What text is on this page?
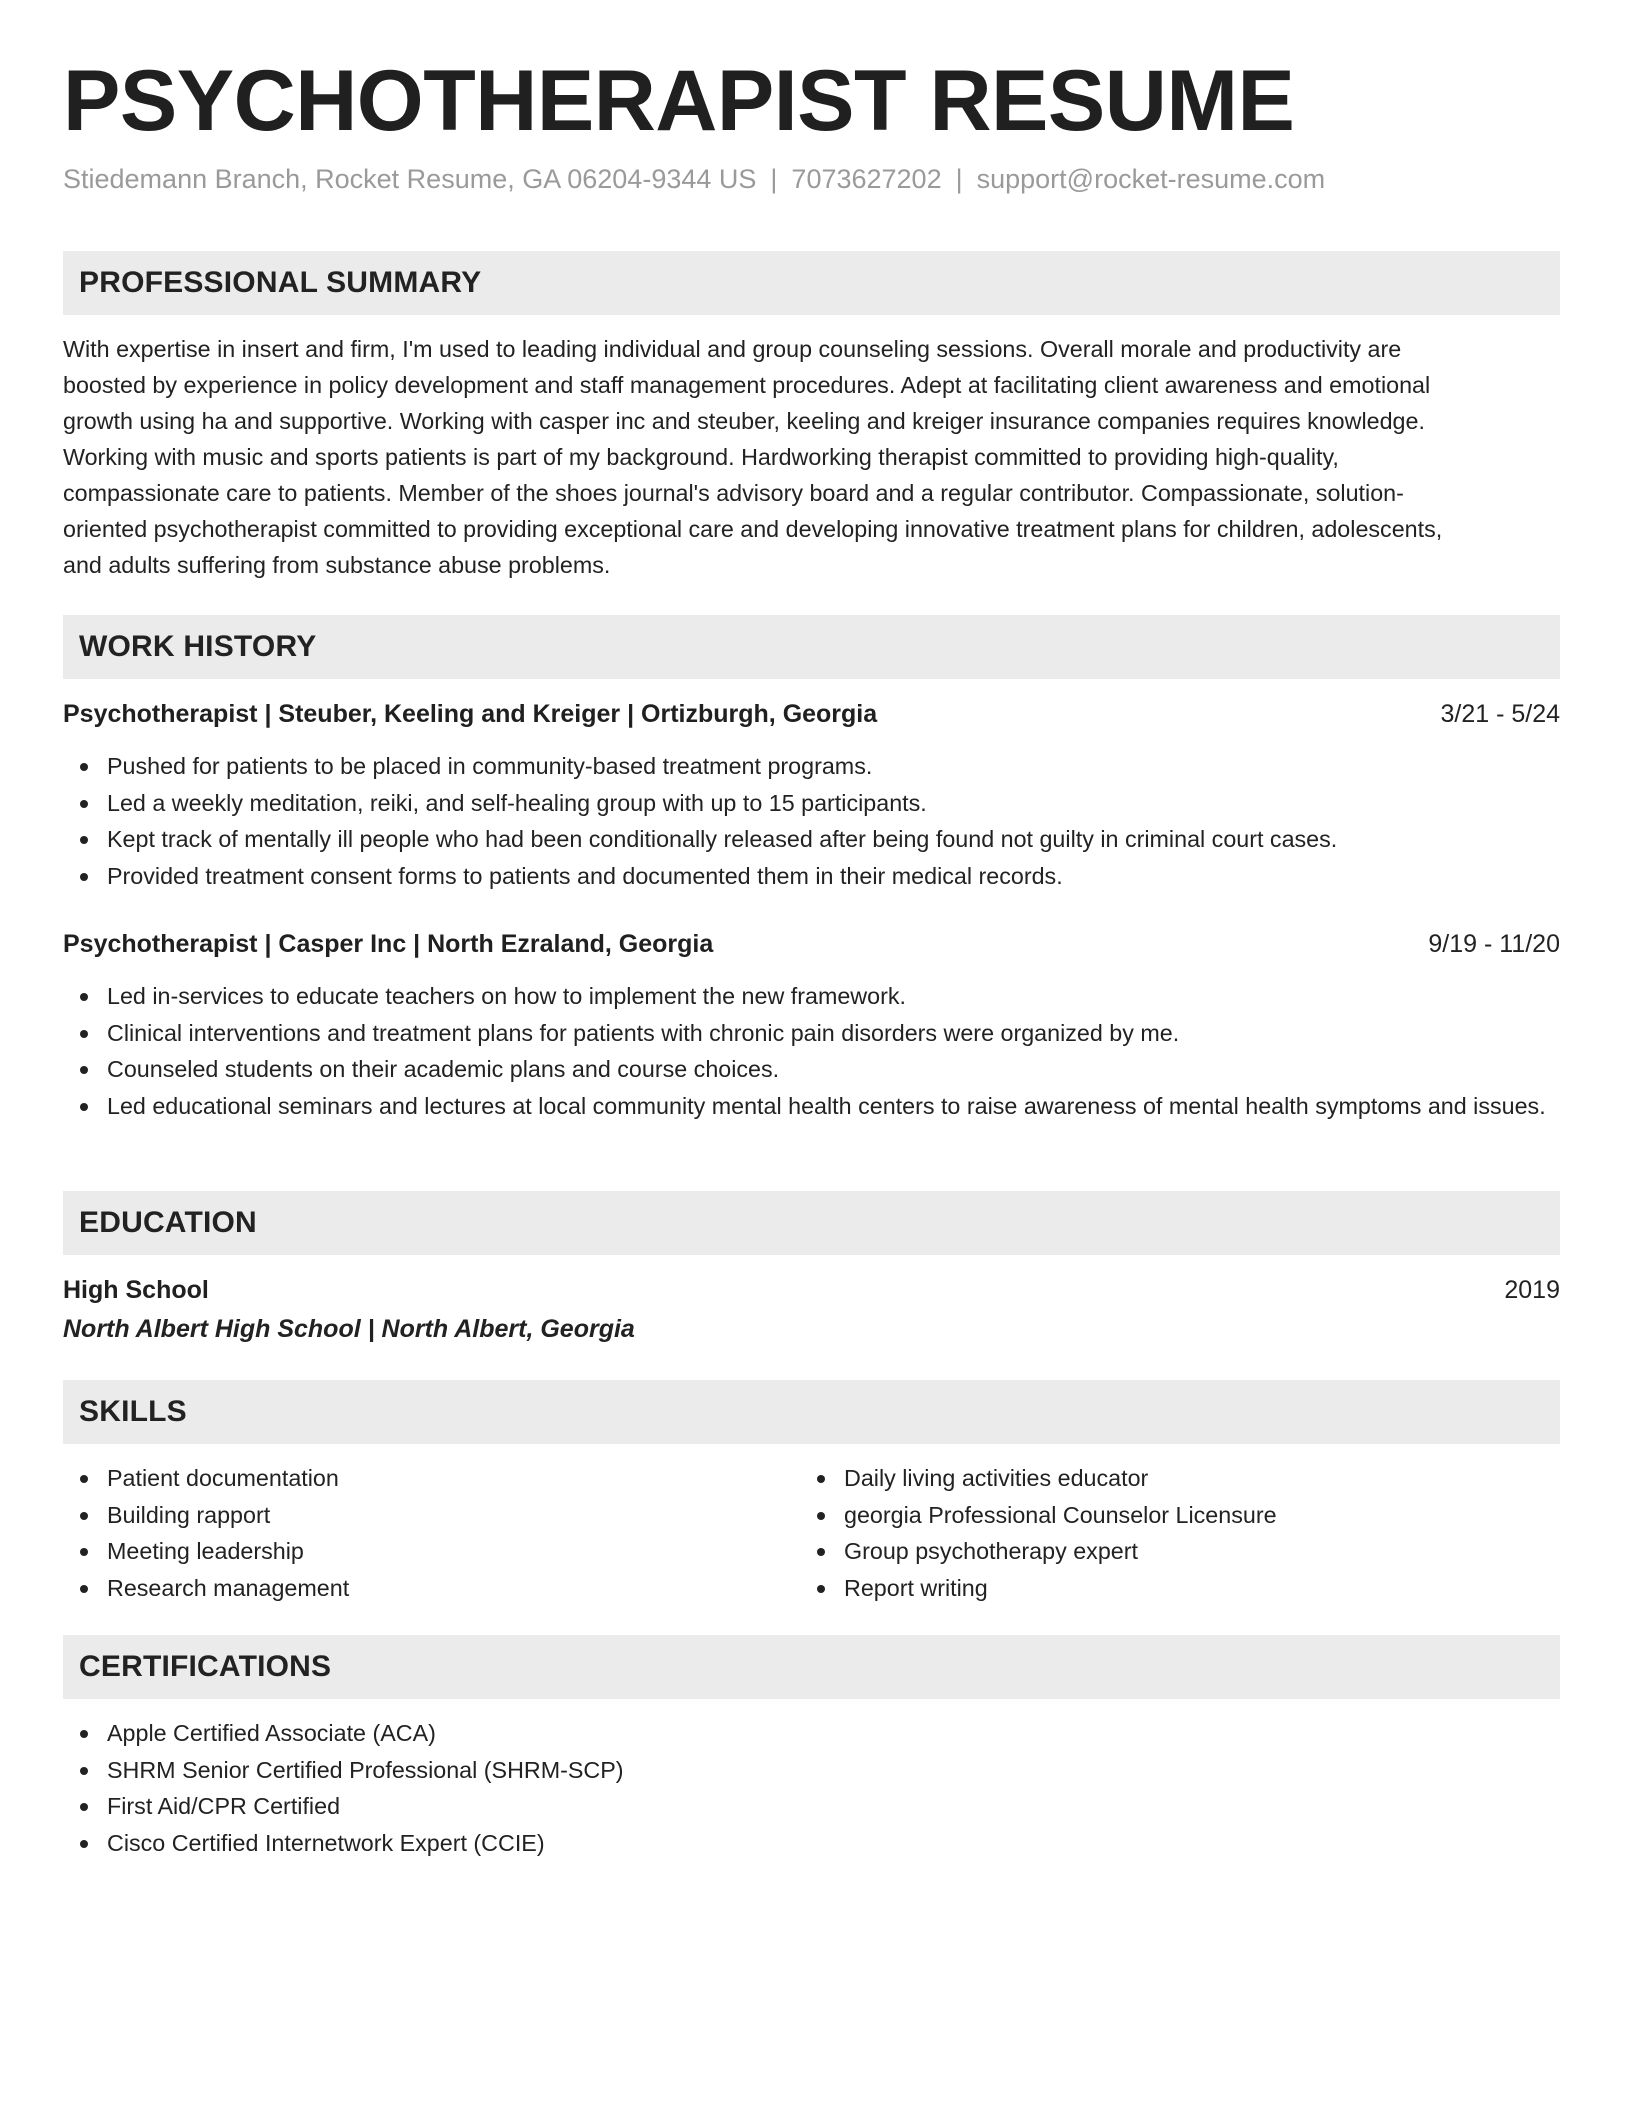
PSYCHOTHERAPIST RESUME
Stiedemann Branch, Rocket Resume, GA 06204-9344 US | 7073627202 | support@rocket-resume.com
PROFESSIONAL SUMMARY
With expertise in insert and firm, I'm used to leading individual and group counseling sessions. Overall morale and productivity are
boosted by experience in policy development and staff management procedures. Adept at facilitating client awareness and emotional
growth using ha and supportive. Working with casper inc and steuber, keeling and kreiger insurance companies requires knowledge.
Working with music and sports patients is part of my background. Hardworking therapist committed to providing high-quality,
compassionate care to patients. Member of the shoes journal's advisory board and a regular contributor. Compassionate, solution-
oriented psychotherapist committed to providing exceptional care and developing innovative treatment plans for children, adolescents,
and adults suffering from substance abuse problems.
WORK HISTORY
Psychotherapist | Steuber, Keeling and Kreiger | Ortizburgh, Georgia	3/21 - 5/24
Pushed for patients to be placed in community-based treatment programs.
Led a weekly meditation, reiki, and self-healing group with up to 15 participants.
Kept track of mentally ill people who had been conditionally released after being found not guilty in criminal court cases.
Provided treatment consent forms to patients and documented them in their medical records.
Psychotherapist | Casper Inc | North Ezraland, Georgia	9/19 - 11/20
Led in-services to educate teachers on how to implement the new framework.
Clinical interventions and treatment plans for patients with chronic pain disorders were organized by me.
Counseled students on their academic plans and course choices.
Led educational seminars and lectures at local community mental health centers to raise awareness of mental health symptoms and issues.
EDUCATION
High School	2019
North Albert High School | North Albert, Georgia
SKILLS
Patient documentation
Building rapport
Meeting leadership
Research management
Daily living activities educator
georgia Professional Counselor Licensure
Group psychotherapy expert
Report writing
CERTIFICATIONS
Apple Certified Associate (ACA)
SHRM Senior Certified Professional (SHRM-SCP)
First Aid/CPR Certified
Cisco Certified Internetwork Expert (CCIE)
